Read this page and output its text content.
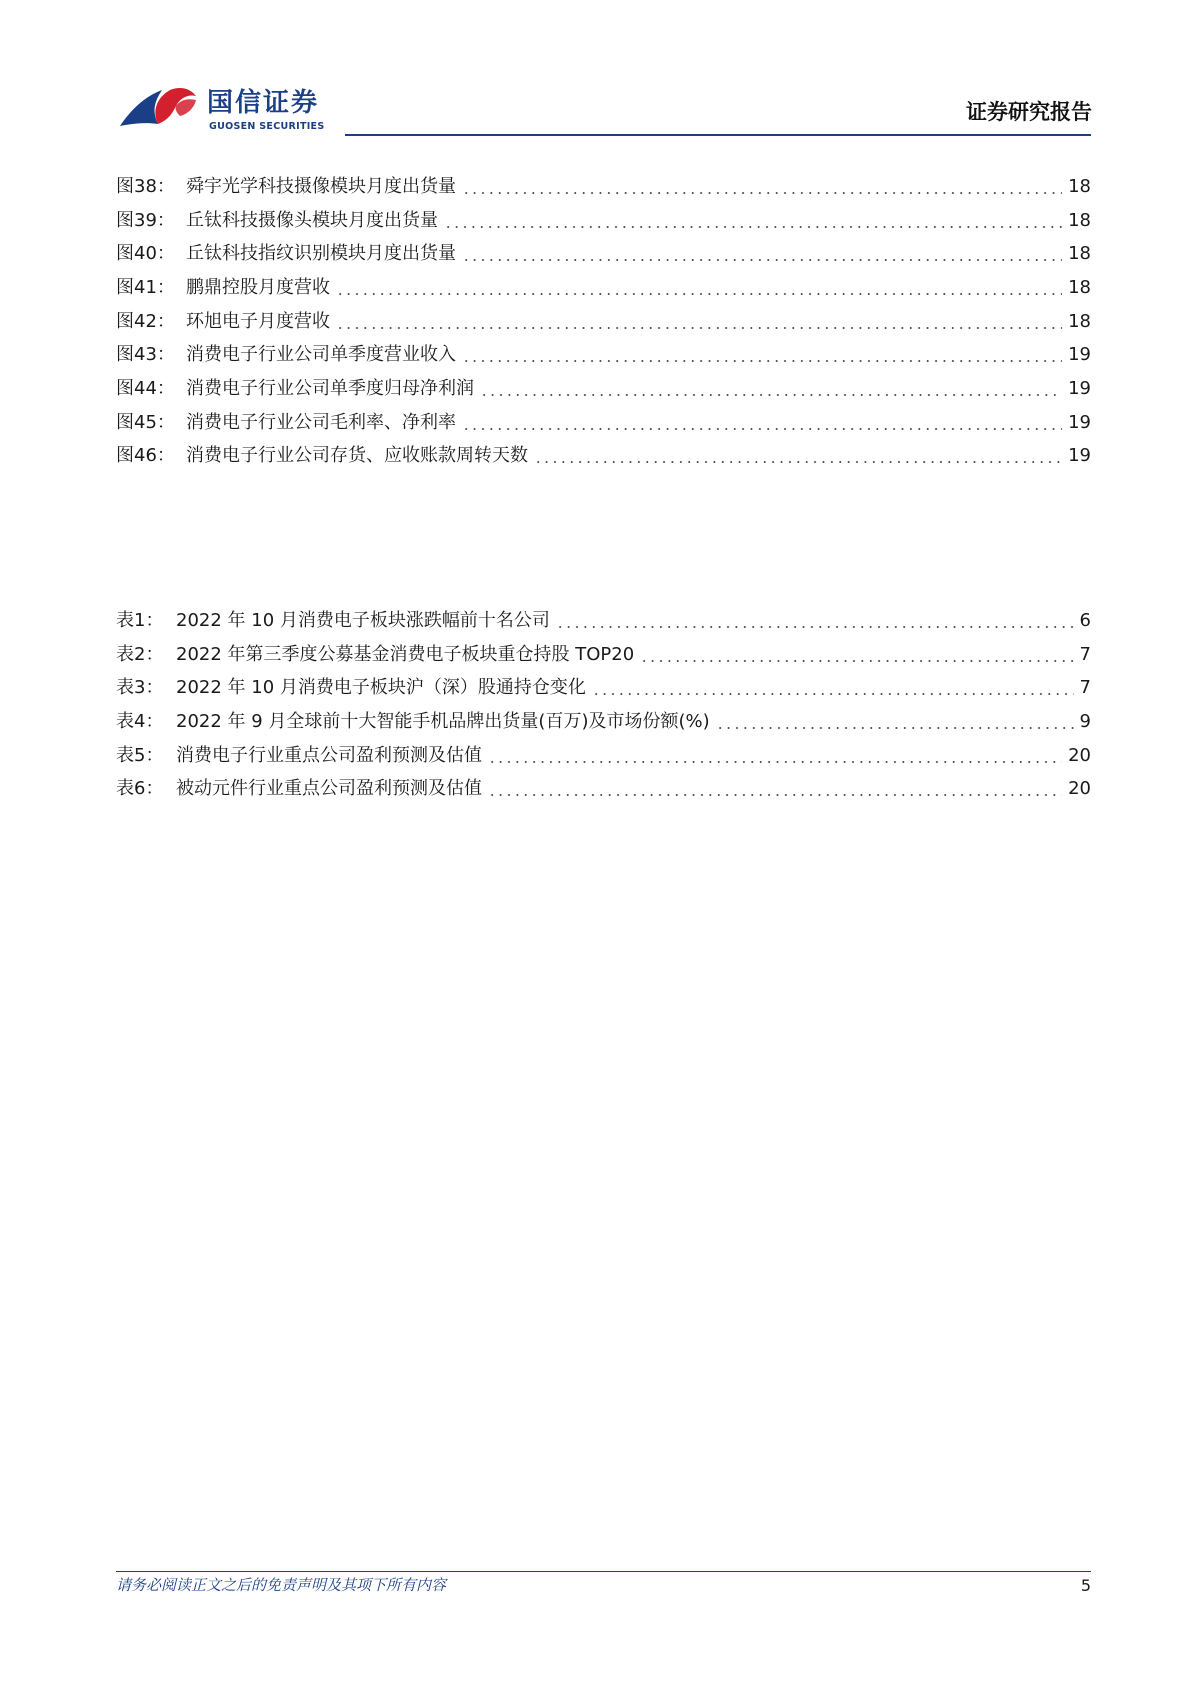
国信证券
GUOSEN SECURITIES
证券研究报告
图38： 舜宇光学科技摄像模块月度出货量	18
图39： 丘钛科技摄像头模块月度出货量	18
图40： 丘钛科技指纹识别模块月度出货量	18
图41： 鹏鼎控股月度营收	18
图42： 环旭电子月度营收	18
图43： 消费电子行业公司单季度营业收入	19
图44： 消费电子行业公司单季度归母净利润	19
图45： 消费电子行业公司毛利率、净利率	19
图46： 消费电子行业公司存货、应收账款周转天数	19
表1： 2022 年 10 月消费电子板块涨跌幅前十名公司	6
表2： 2022 年第三季度公募基金消费电子板块重仓持股 TOP20	7
表3： 2022 年 10 月消费电子板块沪（深）股通持仓变化	7
表4： 2022 年 9 月全球前十大智能手机品牌出货量(百万)及市场份额(%)	9
表5： 消费电子行业重点公司盈利预测及估值	20
表6： 被动元件行业重点公司盈利预测及估值	20
请务必阅读正文之后的免责声明及其项下所有内容	5
